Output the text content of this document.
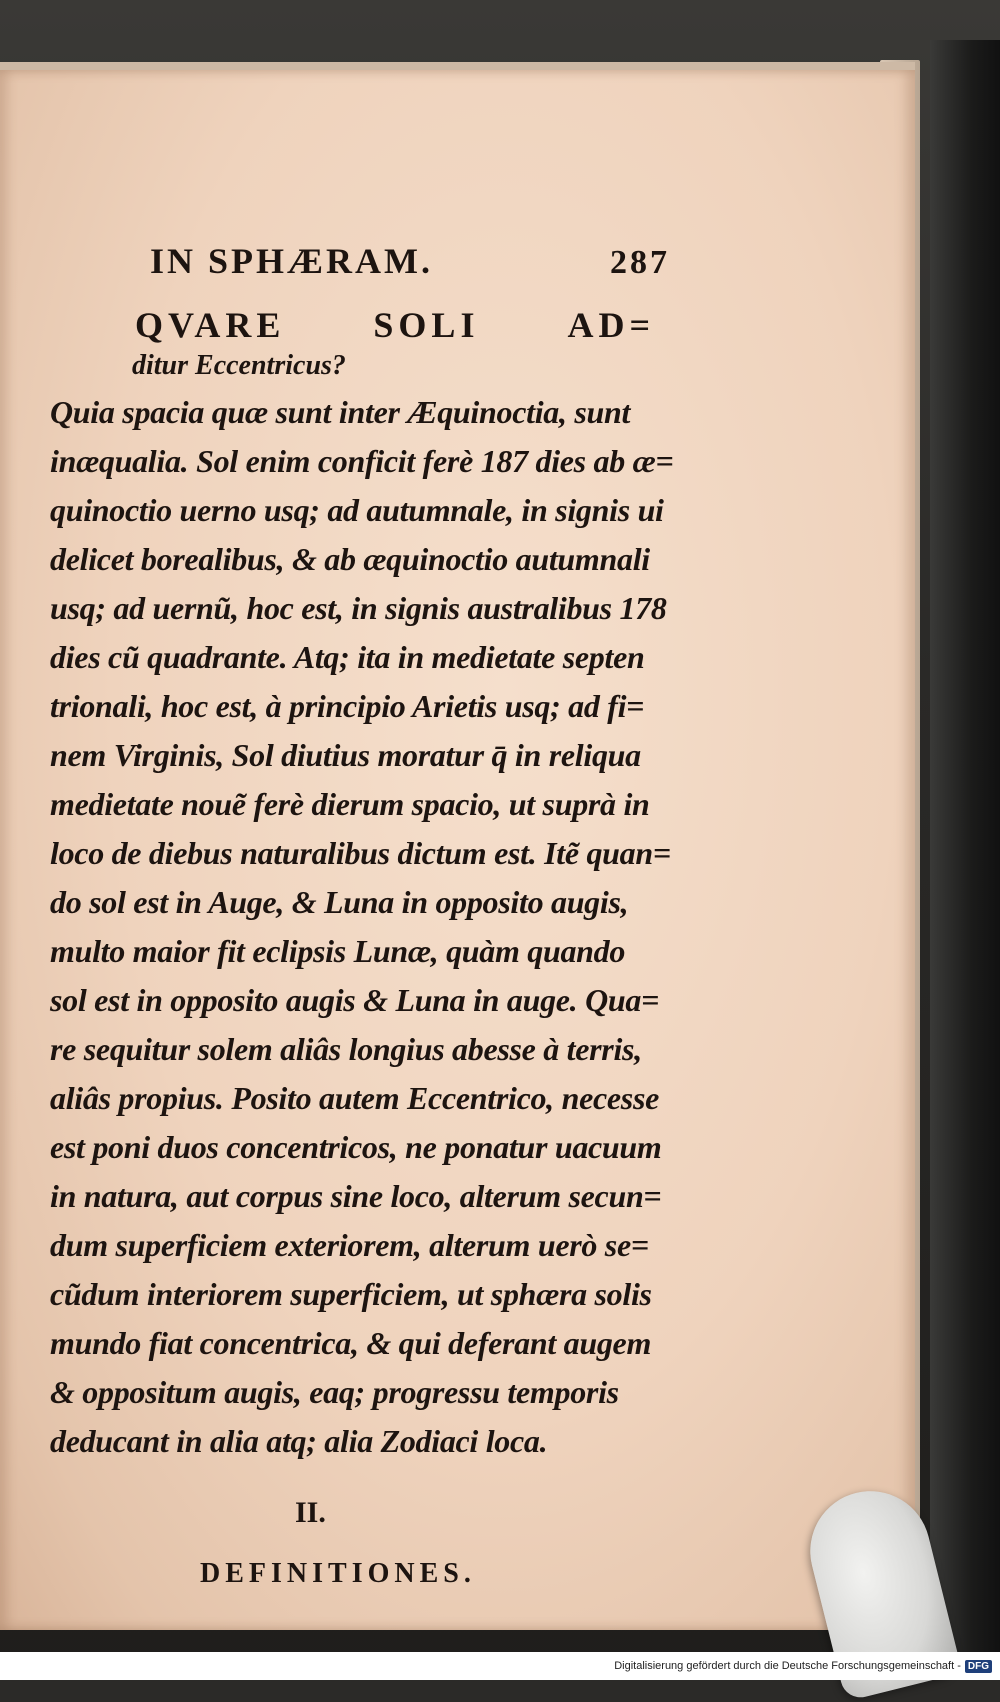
IN SPHÆRAM.	287
QVARE SOLI AD=
ditur Eccentricus?
Quia spacia quæ sunt inter Æquinoctia, sunt
inæqualia. Sol enim conficit ferè 187 dies ab æ=
quinoctio uerno usq; ad autumnale, in signis ui
delicet borealibus, & ab æquinoctio autumnali
usq; ad uernũ, hoc est, in signis australibus 178
dies cũ quadrante. Atq; ita in medietate septen
trionali, hoc est, à principio Arietis usq; ad fi=
nem Virginis, Sol diutius moratur q̄ in reliqua
medietate nouẽ ferè dierum spacio, ut suprà in
loco de diebus naturalibus dictum est. Itẽ quan=
do sol est in Auge, & Luna in opposito augis,
multo maior fit eclipsis Lunæ, quàm quando
sol est in opposito augis & Luna in auge. Qua=
re sequitur solem aliâs longius abesse à terris,
aliâs propius. Posito autem Eccentrico, necesse
est poni duos concentricos, ne ponatur uacuum
in natura, aut corpus sine loco, alterum secun=
dum superficiem exteriorem, alterum uerò se=
cũdum interiorem superficiem, ut sphæra solis
mundo fiat concentrica, & qui deferant augem
& oppositum augis, eaq; progressu temporis
deducant in alia atq; alia Zodiaci loca.
II.
DEFINITIONES.
Digitalisierung gefördert durch die Deutsche Forschungsgemeinschaft - DFG
